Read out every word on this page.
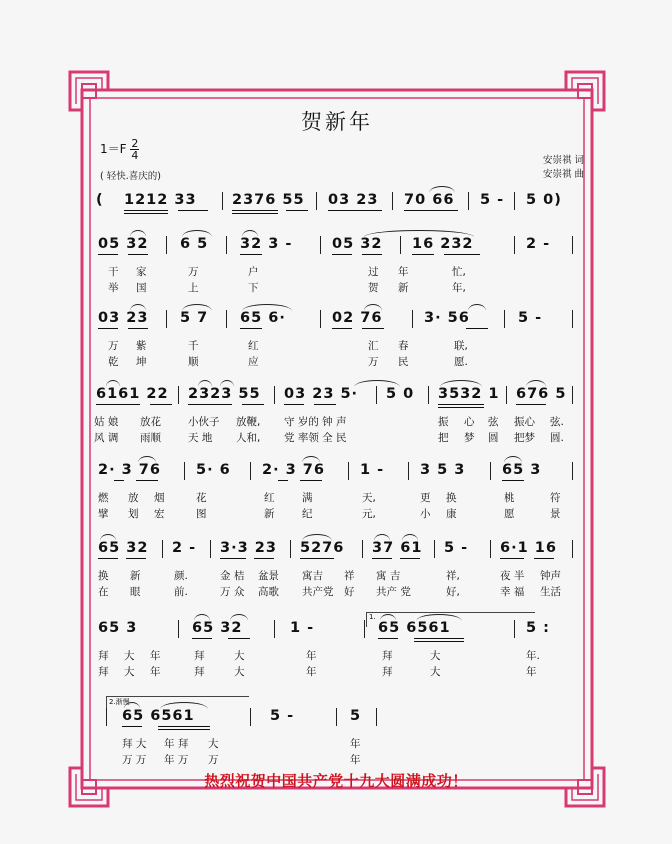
贺新年
$1=F \frac{2}{4}$
( 轻快.喜庆的)
安崇祺 词
安崇祺 曲
( 1212 33 2376 55 03 23 70 66 5 - 5 0)
05 32 6 5 32 3 -	05 32 16 232	2 -
干 家	万	户	过 年	忙,
举 国	上	下	贺 新	年,
03 23 5 7 65 6·	02 76	3· 56	5 -
万 紫	千	红	汇 春	联,
乾 坤	顺	应	万 民	愿.
6161 22 2323 55 03 23 5· 5 0 3532 1 676 5
姑 娘 放花	小伙子 放鞭, 守 岁的 钟 声	振 心 弦 振心 弦.
风 调 雨顺	天 地 人和, 党 率领 全 民	把 梦 圆 把梦 圆.
2· 3 76 5· 6 2· 3 76 1 - 3 5 3	65 3
燃 放 烟	花	红	满	天,	更 换	桃	符
擘 划 宏	图	新	纪	元,	小 康	愿	景
65 32 2 - 3·3 23 5276 37 61 5 - 6·1 16
换 新	颜.	金 桔 盆景 寓吉 祥 寓 吉	祥,	夜 半 钟声
在 眼	前.	万 众 高歌 共产党 好 共产 党	好,	幸 福 生活
1.
65 3	65 32	1 -	65 6561	5 :
拜 大 年	拜	大	年	拜	大	年.
拜 大 年	拜	大	年	拜	大	年
2.渐慢
65 6561	5 -	5
拜 大 年 拜 大	年
万 万 年 万 万	年
热烈祝贺中国共产党十九大圆满成功！
